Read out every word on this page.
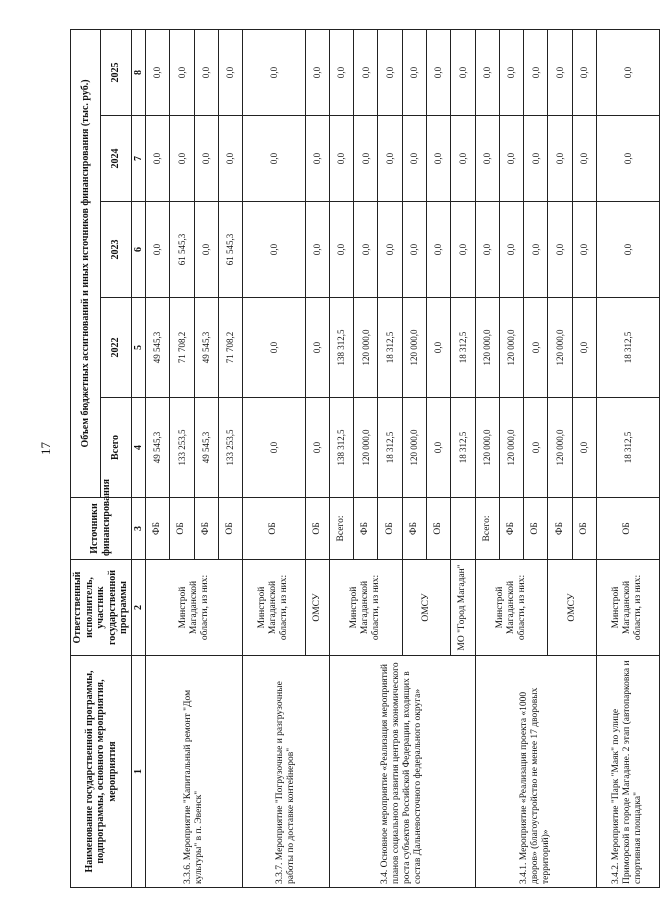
17
Наименование государственной программы, подпрограммы, основного мероприятия, мероприятия	Ответственный исполнитель, участник государственной программы	Источники финансирования	Объем бюджетных ассигнований и иных источников финансирования (тыс. руб.)				
			Всего	2022	2023	2024	2025
1	2	3	4	5	6	7	8
3.3.6. Мероприятие "Капитальный ремонт "Дом культуры" в п. Эвенск"	Минстрой Магаданской области, из них:	ФБ	49 545,3	49 545,3	0,0	0,0	0,0
		ОБ	133 253,5	71 708,2	61 545,3	0,0	0,0
		ФБ	49 545,3	49 545,3	0,0	0,0	0,0
		ОБ	133 253,5	71 708,2	61 545,3	0,0	0,0
3.3.7. Мероприятие "Погрузочные и разгрузочные работы по доставке контейнеров"	Минстрой Магаданской области, из них:	ОБ	0,0	0,0	0,0	0,0	0,0
	ОМСУ	ОБ	0,0	0,0	0,0	0,0	0,0
3.4. Основное мероприятие «Реализация мероприятий планов социального развития центров экономического роста субъектов Российской Федерации, входящих в состав Дальневосточного федерального округа»	Минстрой Магаданской области, из них:	Всего:	138 312,5	138 312,5	0,0	0,0	0,0
		ФБ	120 000,0	120 000,0	0,0	0,0	0,0
		ОБ	18 312,5	18 312,5	0,0	0,0	0,0
	ОМСУ	ФБ	120 000,0	120 000,0	0,0	0,0	0,0
		ОБ	0,0	0,0	0,0	0,0	0,0
	МО "Город Магадан"		18 312,5	18 312,5	0,0	0,0	0,0
3.4.1. Мероприятие «Реализация проекта «1000 дворов» (благоустройство не менее 17 дворовых территорий)»	Минстрой Магаданской области, из них:	Всего:	120 000,0	120 000,0	0,0	0,0	0,0
		ФБ	120 000,0	120 000,0	0,0	0,0	0,0
		ОБ	0,0	0,0	0,0	0,0	0,0
	ОМСУ	ФБ	120 000,0	120 000,0	0,0	0,0	0,0
		ОБ	0,0	0,0	0,0	0,0	0,0
3.4.2. Мероприятие "Парк "Маяк" по улице Приморской в городе Магадане. 2 этап (автопарковка и спортивная площадка"	Минстрой Магаданской области, из них:	ОБ	18 312,5	18 312,5	0,0	0,0	0,0
